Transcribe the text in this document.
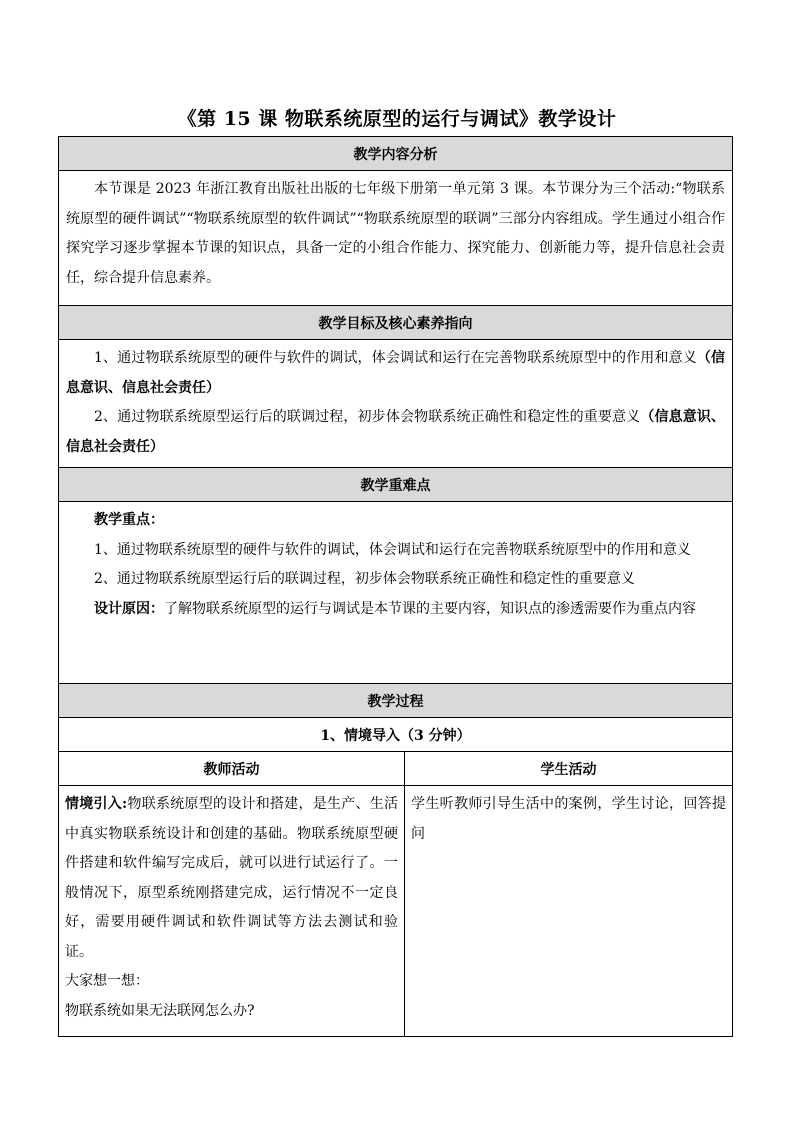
《第 15 课 物联系统原型的运行与调试》教学设计
教学内容分析	

本节课是 2023 年浙江教育出版社出版的七年级下册第一单元第 3 课。本节课分为三个活动:“物联系统原型的硬件调试”“物联系统原型的软件调试”“物联系统原型的联调”三部分内容组成。学生通过小组合作探究学习逐步掌握本节课的知识点，具备一定的小组合作能力、探究能力、创新能力等，提升信息社会责任，综合提升信息素养。	

教学目标及核心素养指向	

1、通过物联系统原型的硬件与软件的调试，体会调试和运行在完善物联系统原型中的作用和意义（信息意识、信息社会责任）

2、通过物联系统原型运行后的联调过程，初步体会物联系统正确性和稳定性的重要意义（信息意识、信息社会责任）	

教学重难点	

教学重点：

1、通过物联系统原型的硬件与软件的调试，体会调试和运行在完善物联系统原型中的作用和意义

2、通过物联系统原型运行后的联调过程，初步体会物联系统正确性和稳定性的重要意义

设计原因：了解物联系统原型的运行与调试是本节课的主要内容，知识点的渗透需要作为重点内容	

教学过程	
1、情境导入（3 分钟）	
教师活动	学生活动

情境引入:物联系统原型的设计和搭建，是生产、生活中真实物联系统设计和创建的基础。物联系统原型硬件搭建和软件编写完成后，就可以进行试运行了。一般情况下，原型系统刚搭建完成，运行情况不一定良好，需要用硬件调试和软件调试等方法去测试和验证。

大家想一想：

物联系统如果无法联网怎么办?	学生听教师引导生活中的案例，学生讨论，回答提问
